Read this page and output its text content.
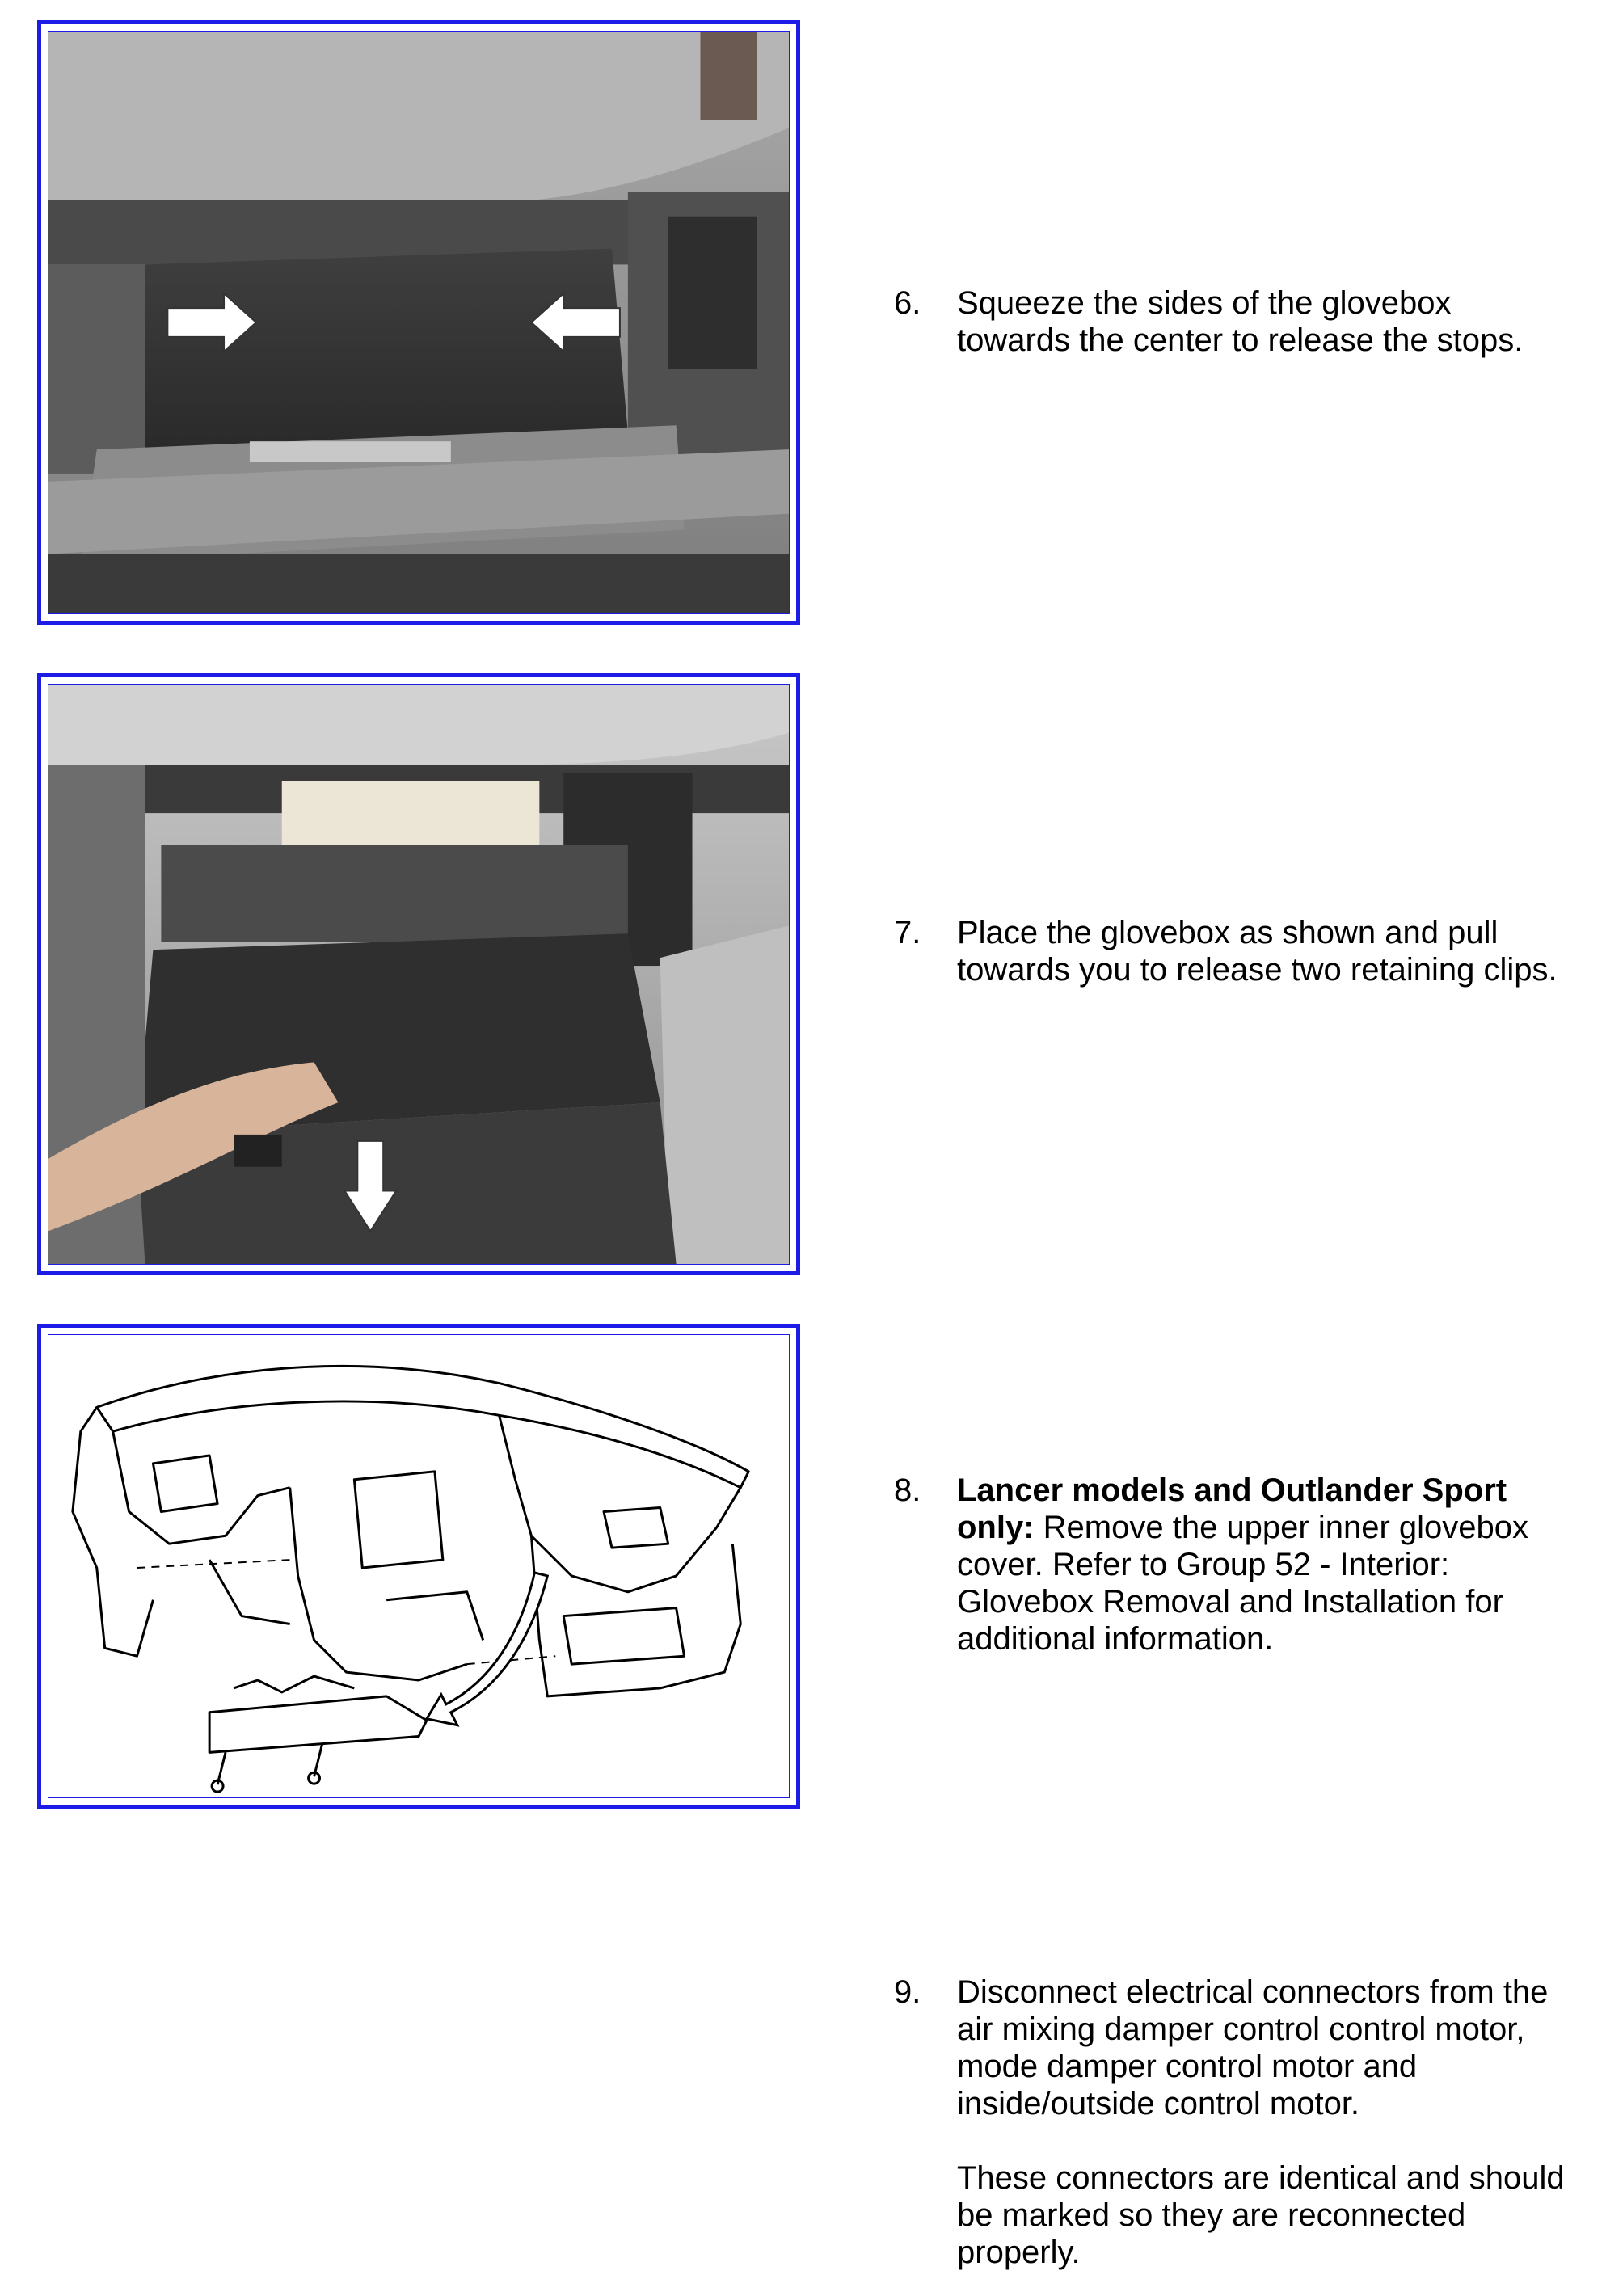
6. Squeeze the sides of the glovebox towards the center to release the stops.

7. Place the glovebox as shown and pull towards you to release two retaining clips.

8. Lancer models and Outlander Sport only: Remove the upper inner glovebox cover. Refer to Group 52 - Interior: Glovebox Removal and Installation for additional information.

9. Disconnect electrical connectors from the air mixing damper control control motor, mode damper control motor and inside/outside control motor.

These connectors are identical and should be marked so they are reconnected properly.
